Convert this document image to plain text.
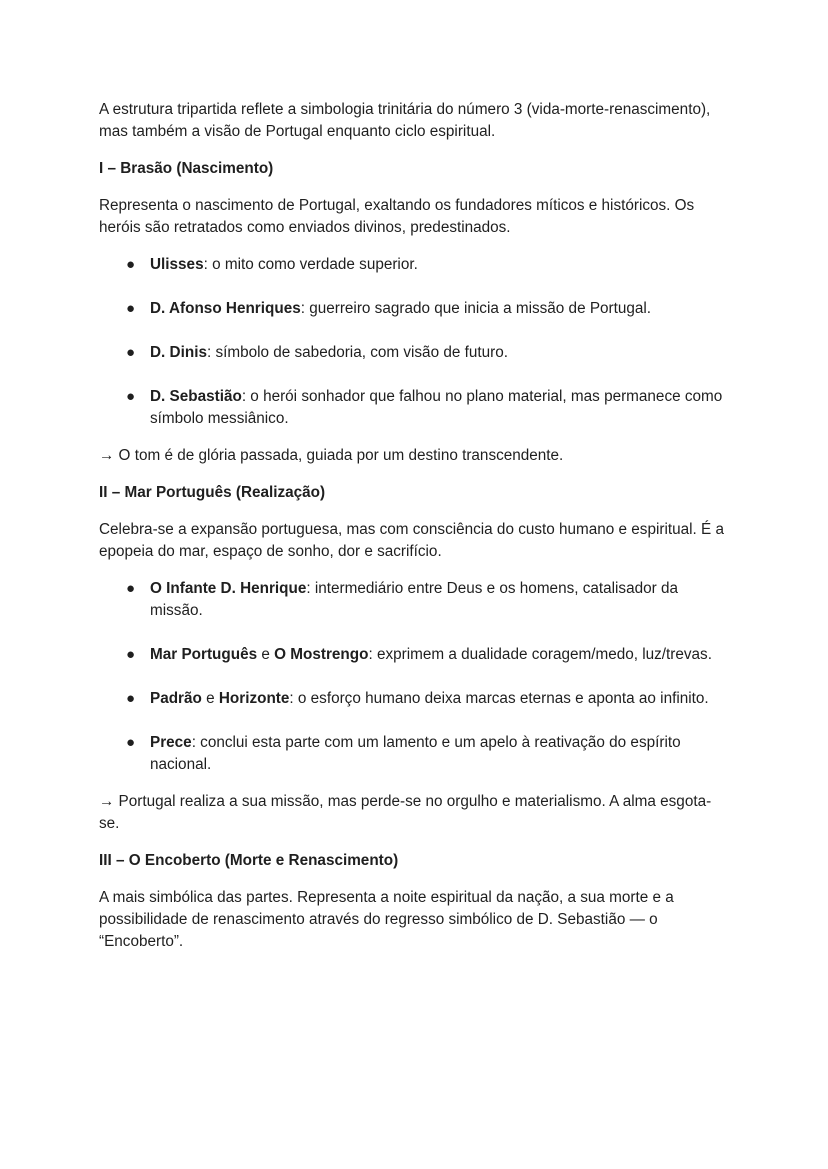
A estrutura tripartida reflete a simbologia trinitária do número 3 (vida-morte-renascimento), mas também a visão de Portugal enquanto ciclo espiritual.

I – Brasão (Nascimento)

Representa o nascimento de Portugal, exaltando os fundadores míticos e históricos. Os heróis são retratados como enviados divinos, predestinados.

● Ulisses: o mito como verdade superior.
● D. Afonso Henriques: guerreiro sagrado que inicia a missão de Portugal.
● D. Dinis: símbolo de sabedoria, com visão de futuro.
● D. Sebastião: o herói sonhador que falhou no plano material, mas permanece como símbolo messiânico.

→ O tom é de glória passada, guiada por um destino transcendente.

II – Mar Português (Realização)

Celebra-se a expansão portuguesa, mas com consciência do custo humano e espiritual. É a epopeia do mar, espaço de sonho, dor e sacrifício.

● O Infante D. Henrique: intermediário entre Deus e os homens, catalisador da missão.
● Mar Português e O Mostrengo: exprimem a dualidade coragem/medo, luz/trevas.
● Padrão e Horizonte: o esforço humano deixa marcas eternas e aponta ao infinito.
● Prece: conclui esta parte com um lamento e um apelo à reativação do espírito nacional.

→ Portugal realiza a sua missão, mas perde-se no orgulho e materialismo. A alma esgota-se.

III – O Encoberto (Morte e Renascimento)

A mais simbólica das partes. Representa a noite espiritual da nação, a sua morte e a possibilidade de renascimento através do regresso simbólico de D. Sebastião — o “Encoberto”.
